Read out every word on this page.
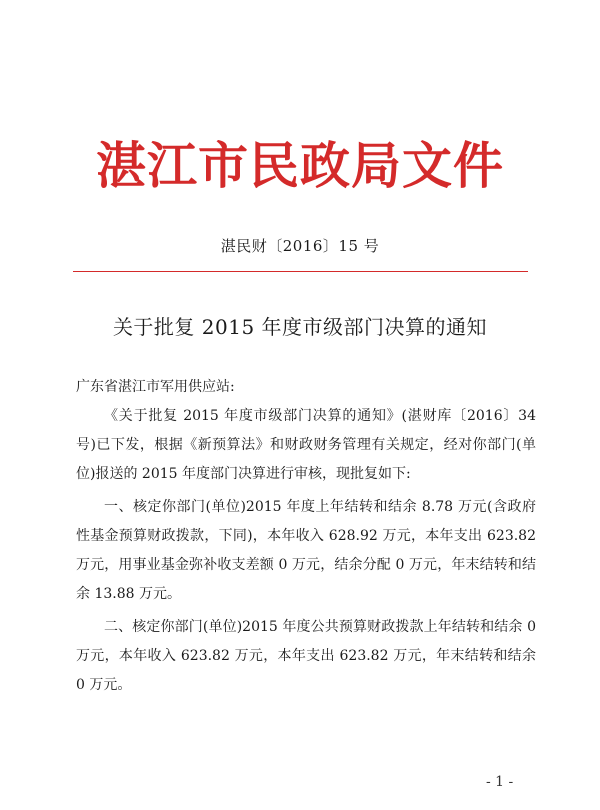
湛江市民政局文件
湛民财〔2016〕15 号
关于批复 2015 年度市级部门决算的通知

广东省湛江市军用供应站:

《关于批复 2015 年度市级部门决算的通知》(湛财库〔2016〕34 号)已下发，根据《新预算法》和财政财务管理有关规定，经对你部门(单位)报送的 2015 年度部门决算进行审核，现批复如下:

一、核定你部门(单位)2015 年度上年结转和结余 8.78 万元(含政府性基金预算财政拨款，下同)，本年收入 628.92 万元，本年支出 623.82 万元，用事业基金弥补收支差额 0 万元，结余分配 0 万元，年末结转和结余 13.88 万元。

二、核定你部门(单位)2015 年度公共预算财政拨款上年结转和结余 0 万元，本年收入 623.82 万元，本年支出 623.82 万元，年末结转和结余 0 万元。

- 1 -
